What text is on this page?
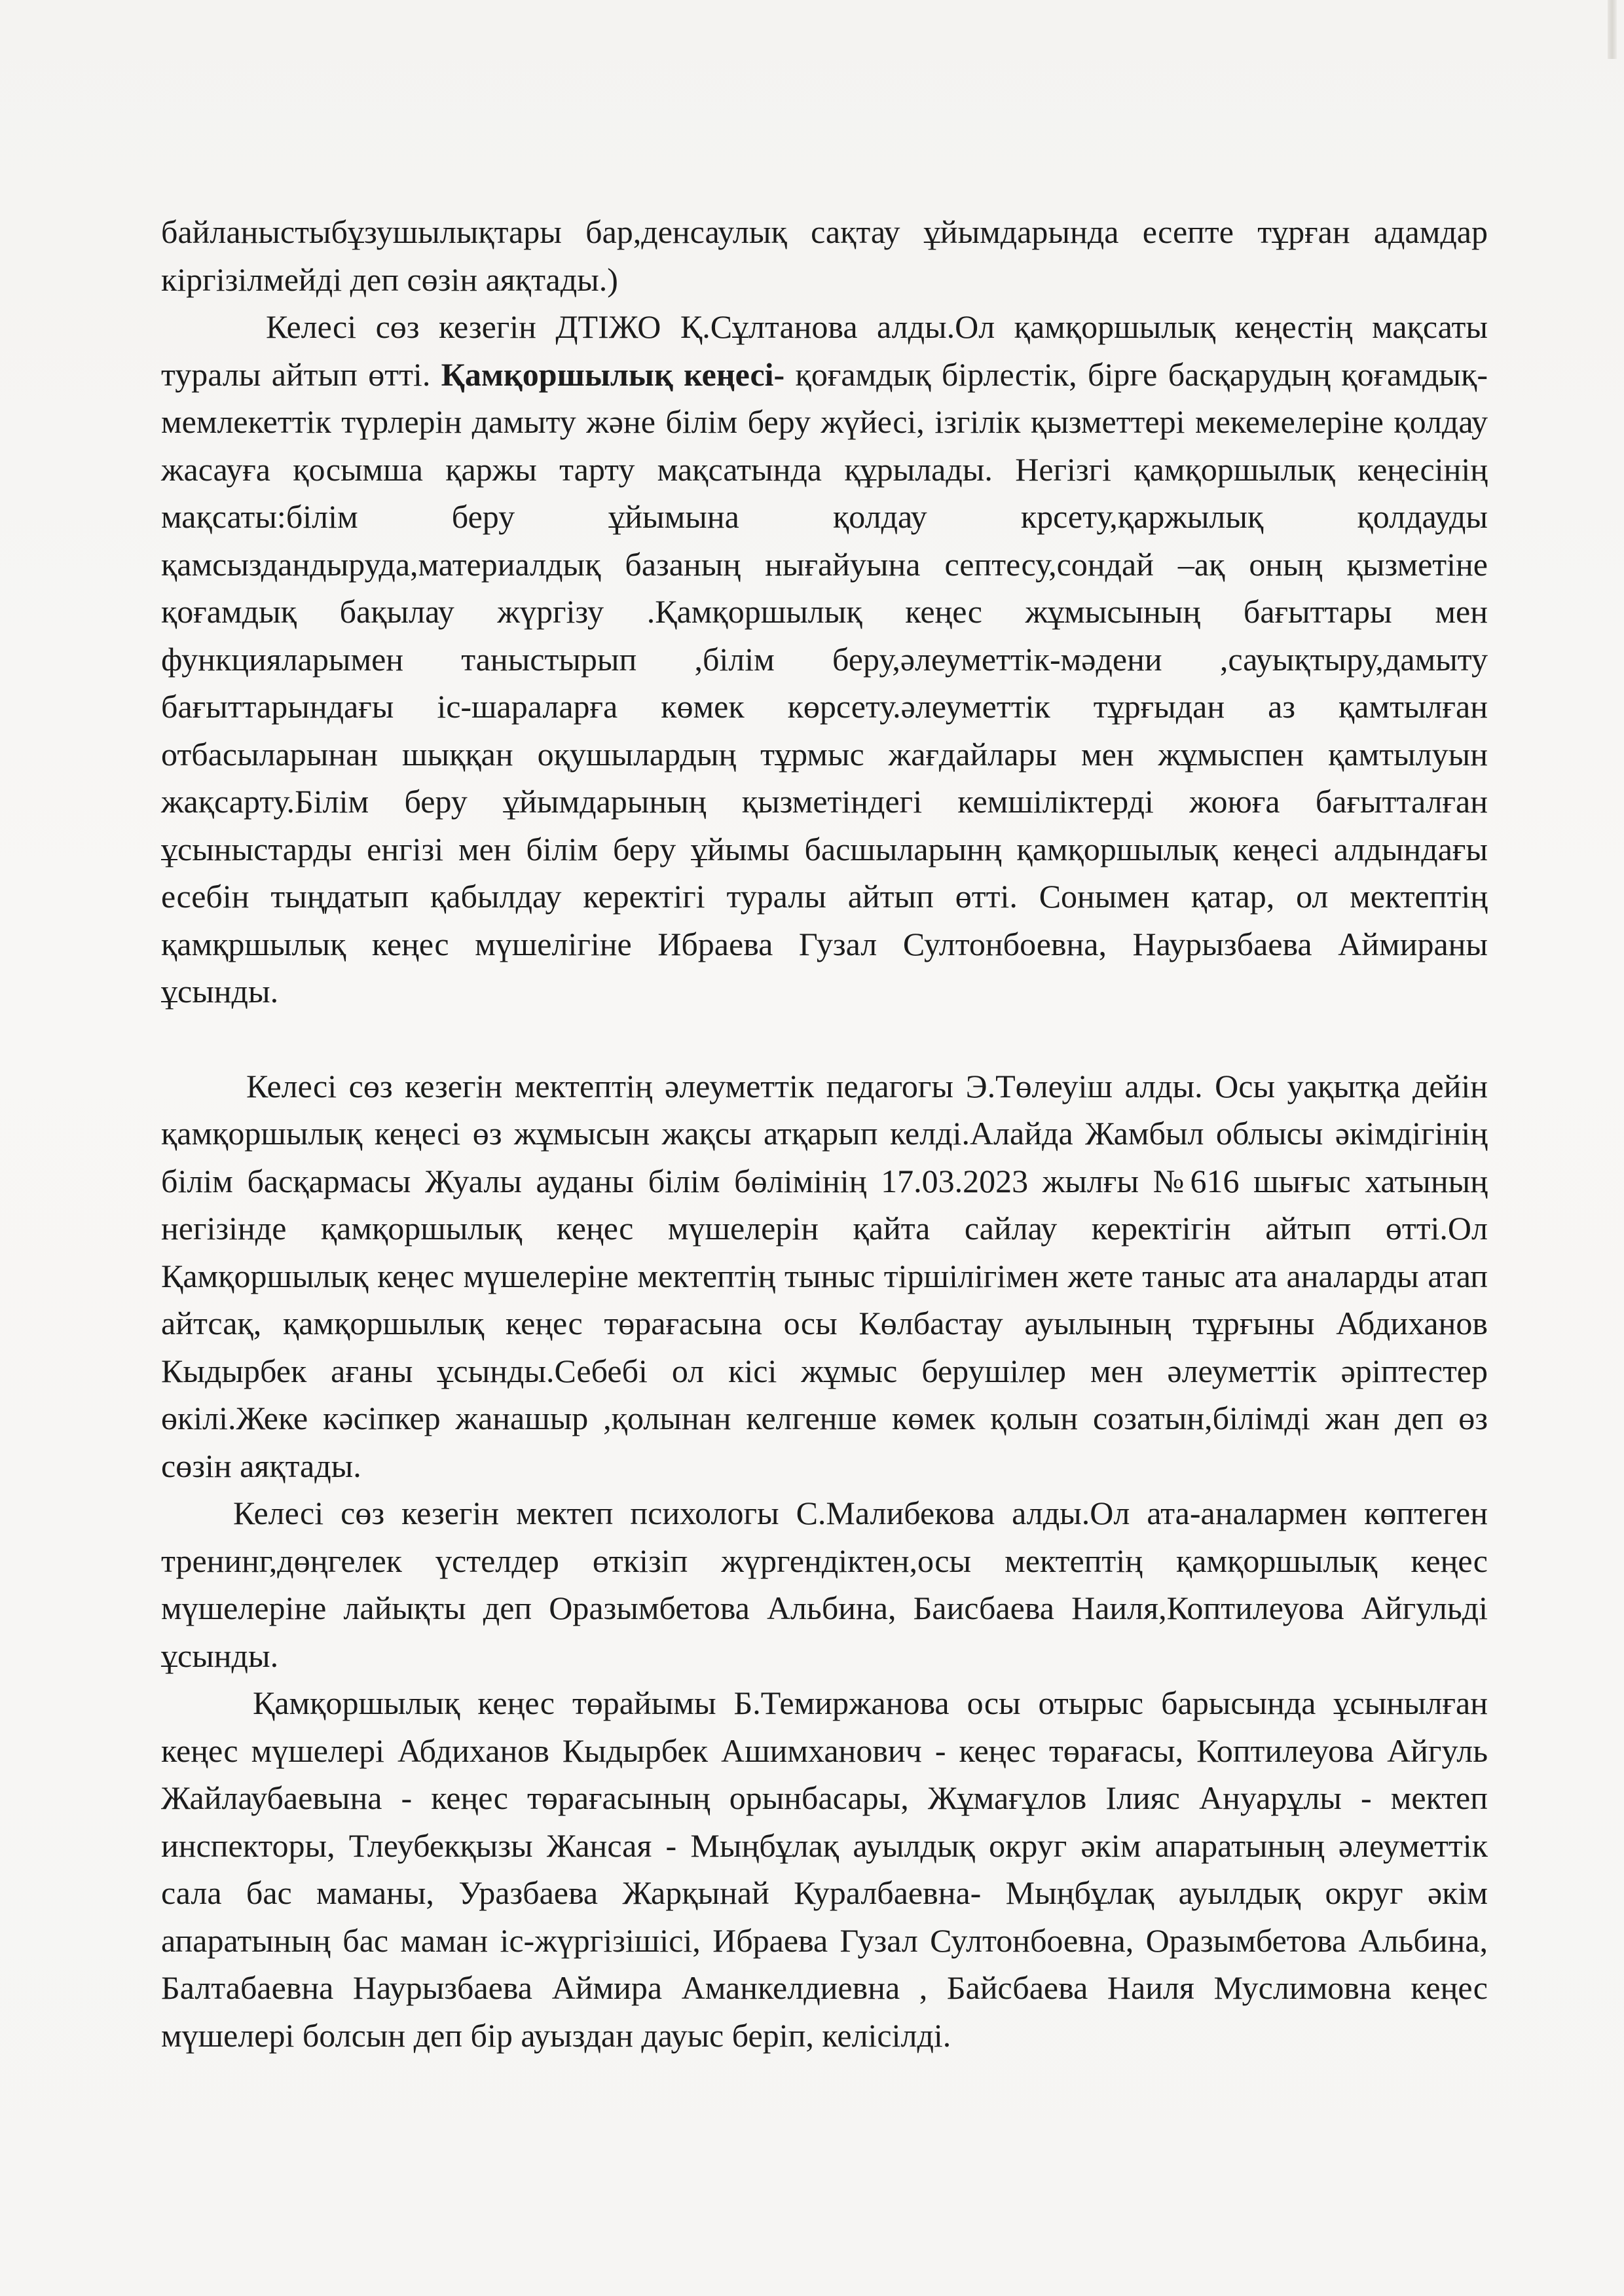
байланыстыбұзушылықтары бар,денсаулық сақтау ұйымдарында есепте тұрған адамдар кіргізілмейді деп сөзін аяқтады.)

Келесі сөз кезегін ДТІЖО Қ.Сұлтанова алды.Ол қамқоршылық кеңестің мақсаты туралы айтып өтті. Қамқоршылық кеңесі- қоғамдық бірлестік, бірге басқарудың қоғамдық-мемлекеттік түрлерін дамыту және білім беру жүйесі, ізгілік қызметтері мекемелеріне қолдау жасауға қосымша қаржы тарту мақсатында құрылады. Негізгі қамқоршылық кеңесінің мақсаты:білім беру ұйымына қолдау крсету,қаржылық қолдауды қамсыздандыруда,материалдық базаның нығайуына септесу,сондай –ақ оның қызметіне қоғамдық бақылау жүргізу .Қамқоршылық кеңес жұмысының бағыттары мен функцияларымен таныстырып ,білім беру,әлеуметтік-мәдени ,сауықтыру,дамыту бағыттарындағы іс-шараларға көмек көрсету.әлеуметтік тұрғыдан аз қамтылған отбасыларынан шыққан оқушылардың тұрмыс жағдайлары мен жұмыспен қамтылуын жақсарту.Білім беру ұйымдарының қызметіндегі кемшіліктерді жоюға бағытталған ұсыныстарды енгізі мен білім беру ұйымы басшыларынң қамқоршылық кеңесі алдындағы есебін тыңдатып қабылдау керектігі туралы айтып өтті. Сонымен қатар, ол мектептің қамқршылық кеңес мүшелігіне Ибраева Гузал Султонбоевна, Наурызбаева Аймираны ұсынды.

Келесі сөз кезегін мектептің әлеуметтік педагогы Э.Төлеуіш алды. Осы уақытқа дейін қамқоршылық кеңесі өз жұмысын жақсы атқарып келді.Алайда Жамбыл облысы әкімдігінің білім басқармасы Жуалы ауданы білім бөлімінің 17.03.2023 жылғы №616 шығыс хатының негізінде қамқоршылық кеңес мүшелерін қайта сайлау керектігін айтып өтті.Ол Қамқоршылық кеңес мүшелеріне мектептің тыныс тіршілігімен жете таныс ата аналарды атап айтсақ, қамқоршылық кеңес төрағасына осы Көлбастау ауылының тұрғыны Абдиханов Кыдырбек ағаны ұсынды.Себебі ол кісі жұмыс берушілер мен әлеуметтік әріптестер өкілі.Жеке кәсіпкер жанашыр ,қолынан келгенше көмек қолын созатын,білімді жан деп өз сөзін аяқтады.

Келесі сөз кезегін мектеп психологы С.Малибекова алды.Ол ата-аналармен көптеген тренинг,дөңгелек үстелдер өткізіп жүргендіктен,осы мектептің қамқоршылық кеңес мүшелеріне лайықты деп Оразымбетова Альбина, Баисбаева Наиля,Коптилеуова Айгульді ұсынды.

Қамқоршылық кеңес төрайымы Б.Темиржанова осы отырыс барысында ұсынылған кеңес мүшелері Абдиханов Кыдырбек Ашимханович - кеңес төрағасы, Коптилеуова Айгуль Жайлаубаевына - кеңес төрағасының орынбасары, Жұмағұлов Ілияс Ануарұлы - мектеп инспекторы, Тлеубекқызы Жансая - Мыңбұлақ ауылдық округ әкім апаратының әлеуметтік сала бас маманы, Уразбаева Жарқынай Куралбаевна- Мыңбұлақ ауылдық округ әкім апаратының бас маман іс-жүргізішісі, Ибраева Гузал Султонбоевна, Оразымбетова Альбина, Балтабаевна Наурызбаева Аймира Аманкелдиевна , Байсбаева Наиля Муслимовна кеңес мүшелері болсын деп бір ауыздан дауыс беріп, келісілді.
